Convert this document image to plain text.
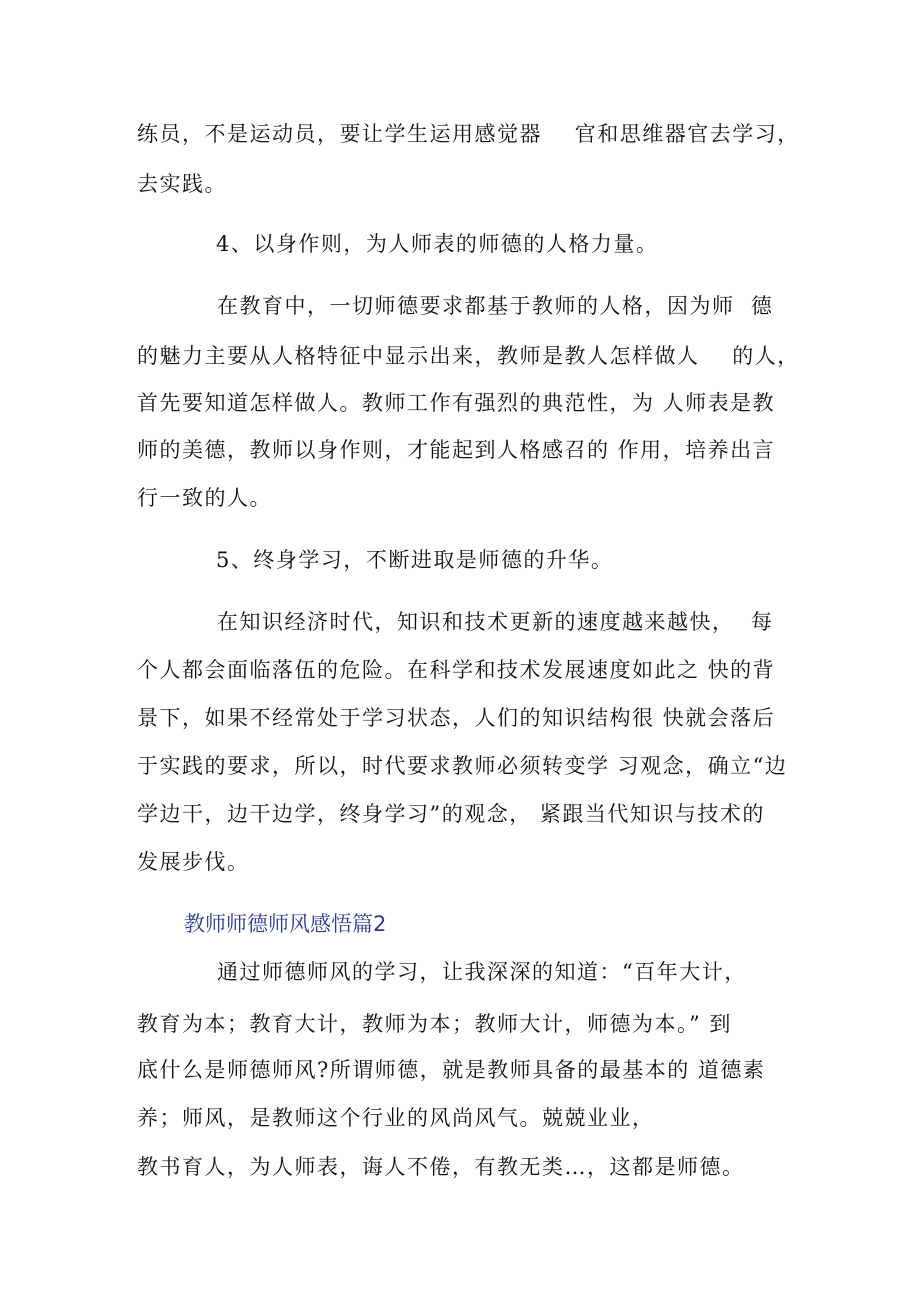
练员，不是运动员，要让学生运用感觉器    官和思维器官去学习，
去实践。
4、以身作则，为人师表的师德的人格力量。
在教育中，一切师德要求都基于教师的人格，因为师  德
的魅力主要从人格特征中显示出来，教师是教人怎样做人    的人，
首先要知道怎样做人。教师工作有强烈的典范性，为 人师表是教
师的美德，教师以身作则，才能起到人格感召的 作用，培养出言
行一致的人。
5、终身学习，不断进取是师德的升华。
在知识经济时代，知识和技术更新的速度越来越快，  每
个人都会面临落伍的危险。在科学和技术发展速度如此之 快的背
景下，如果不经常处于学习状态，人们的知识结构很 快就会落后
于实践的要求，所以，时代要求教师必须转变学 习观念，确立“边
学边干，边干边学，终身学习”的观念， 紧跟当代知识与技术的
发展步伐。
教师师德师风感悟篇2
通过师德师风的学习，让我深深的知道：“百年大计，
教育为本；教育大计，教师为本；教师大计，师德为本。” 到
底什么是师德师风?所谓师德，就是教师具备的最基本的 道德素
养；师风，是教师这个行业的风尚风气。兢兢业业，
教书育人，为人师表，诲人不倦，有教无类…，这都是师德。
